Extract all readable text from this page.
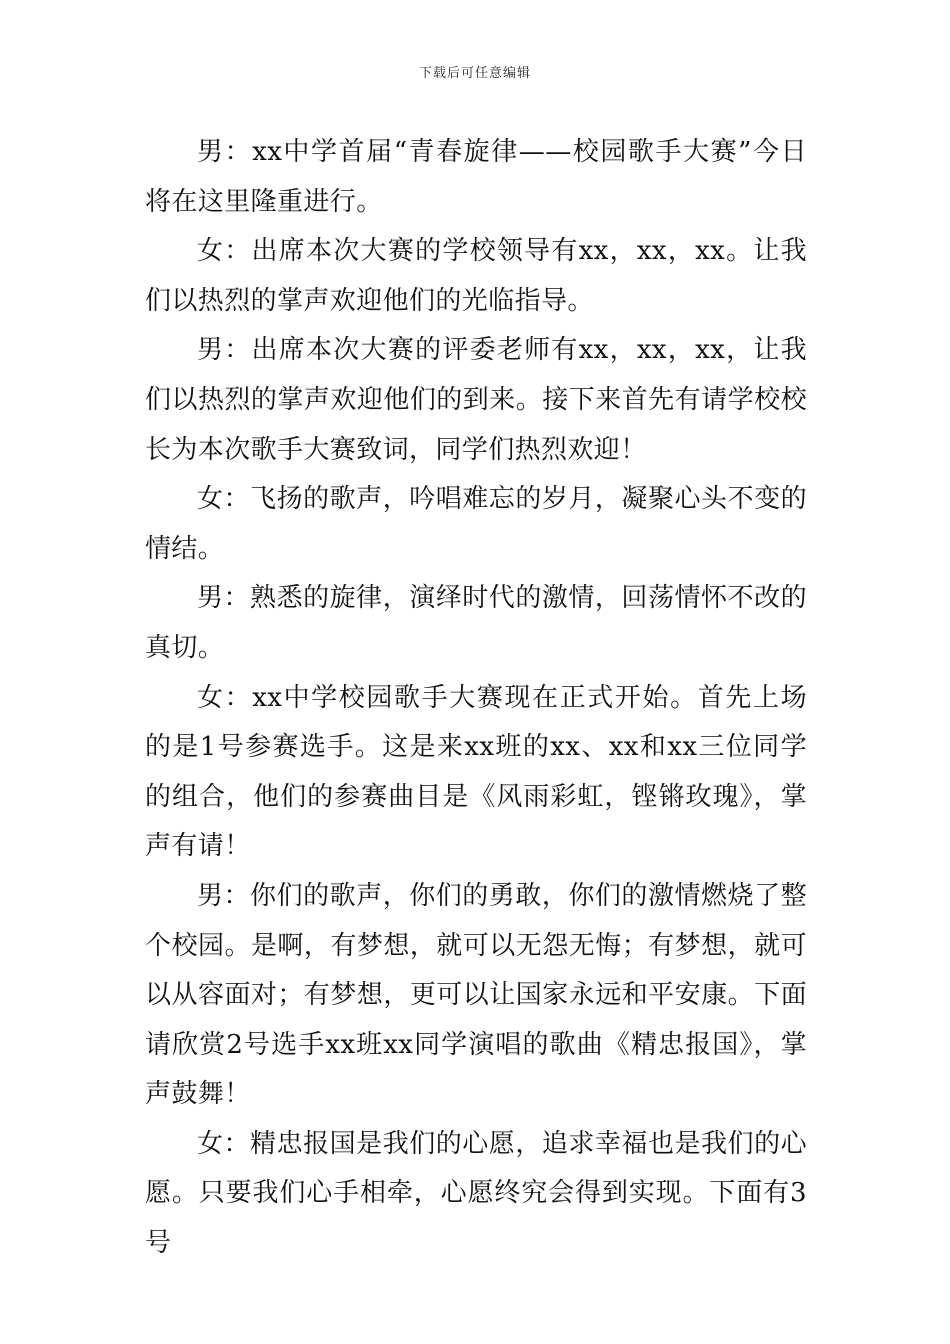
下载后可任意编辑

男：xx中学首届“青春旋律——校园歌手大赛”今日将在这里隆重进行。

女：出席本次大赛的学校领导有xx，xx，xx。让我们以热烈的掌声欢迎他们的光临指导。

男：出席本次大赛的评委老师有xx，xx，xx，让我们以热烈的掌声欢迎他们的到来。接下来首先有请学校校长为本次歌手大赛致词，同学们热烈欢迎！

女：飞扬的歌声，吟唱难忘的岁月，凝聚心头不变的情结。

男：熟悉的旋律，演绎时代的激情，回荡情怀不改的真切。

女：xx中学校园歌手大赛现在正式开始。首先上场的是1号参赛选手。这是来xx班的xx、xx和xx三位同学的组合，他们的参赛曲目是《风雨彩虹，铿锵玫瑰》，掌声有请！

男：你们的歌声，你们的勇敢，你们的激情燃烧了整个校园。是啊，有梦想，就可以无怨无悔；有梦想，就可以从容面对；有梦想，更可以让国家永远和平安康。下面请欣赏2号选手xx班xx同学演唱的歌曲《精忠报国》，掌声鼓舞！

女：精忠报国是我们的心愿，追求幸福也是我们的心愿。只要我们心手相牵，心愿终究会得到实现。下面有3号
